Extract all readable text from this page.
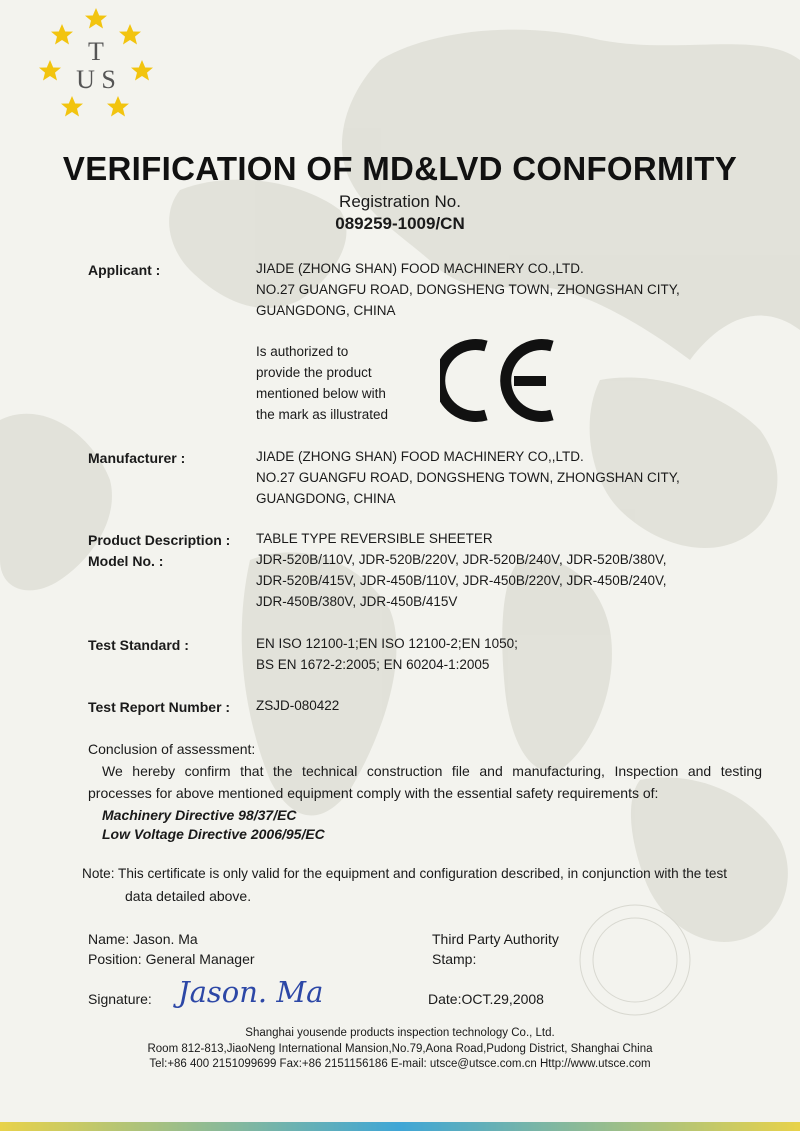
T
U S
VERIFICATION OF MD&LVD CONFORMITY
Registration No.
089259-1009/CN
Applicant :	JIADE (ZHONG SHAN) FOOD MACHINERY CO.,LTD.
NO.27 GUANGFU ROAD, DONGSHENG TOWN, ZHONGSHAN CITY,
GUANGDONG, CHINA
Is authorized to
provide the product
mentioned below with
the mark as illustrated
Manufacturer :	JIADE (ZHONG SHAN) FOOD MACHINERY CO,,LTD.
NO.27 GUANGFU ROAD, DONGSHENG TOWN, ZHONGSHAN CITY,
GUANGDONG, CHINA
Product Description : TABLE TYPE REVERSIBLE SHEETER
Model No. :	JDR-520B/110V, JDR-520B/220V, JDR-520B/240V, JDR-520B/380V,
JDR-520B/415V, JDR-450B/110V, JDR-450B/220V, JDR-450B/240V,
JDR-450B/380V, JDR-450B/415V
Test Standard :	EN ISO 12100-1;EN ISO 12100-2;EN 1050;
BS EN 1672-2:2005; EN 60204-1:2005
Test Report Number : ZSJD-080422
Conclusion of assessment:
We hereby confirm that the technical construction file and manufacturing, Inspection and testing
processes for above mentioned equipment comply with the essential safety requirements of:
Machinery Directive 98/37/EC
Low Voltage Directive 2006/95/EC
Note: This certificate is only valid for the equipment and configuration described, in conjunction with the test
data detailed above.
Name: Jason. Ma
Position: General Manager
Third Party Authority
Stamp:
Signature: Jason. Ma	Date:OCT.29,2008
Shanghai yousende products inspection technology Co., Ltd.
Room 812-813,JiaoNeng International Mansion,No.79,Aona Road,Pudong District, Shanghai China
Tel:+86 400 2151099699 Fax:+86 2151156186 E-mail: utsce@utsce.com.cn Http://www.utsce.com
